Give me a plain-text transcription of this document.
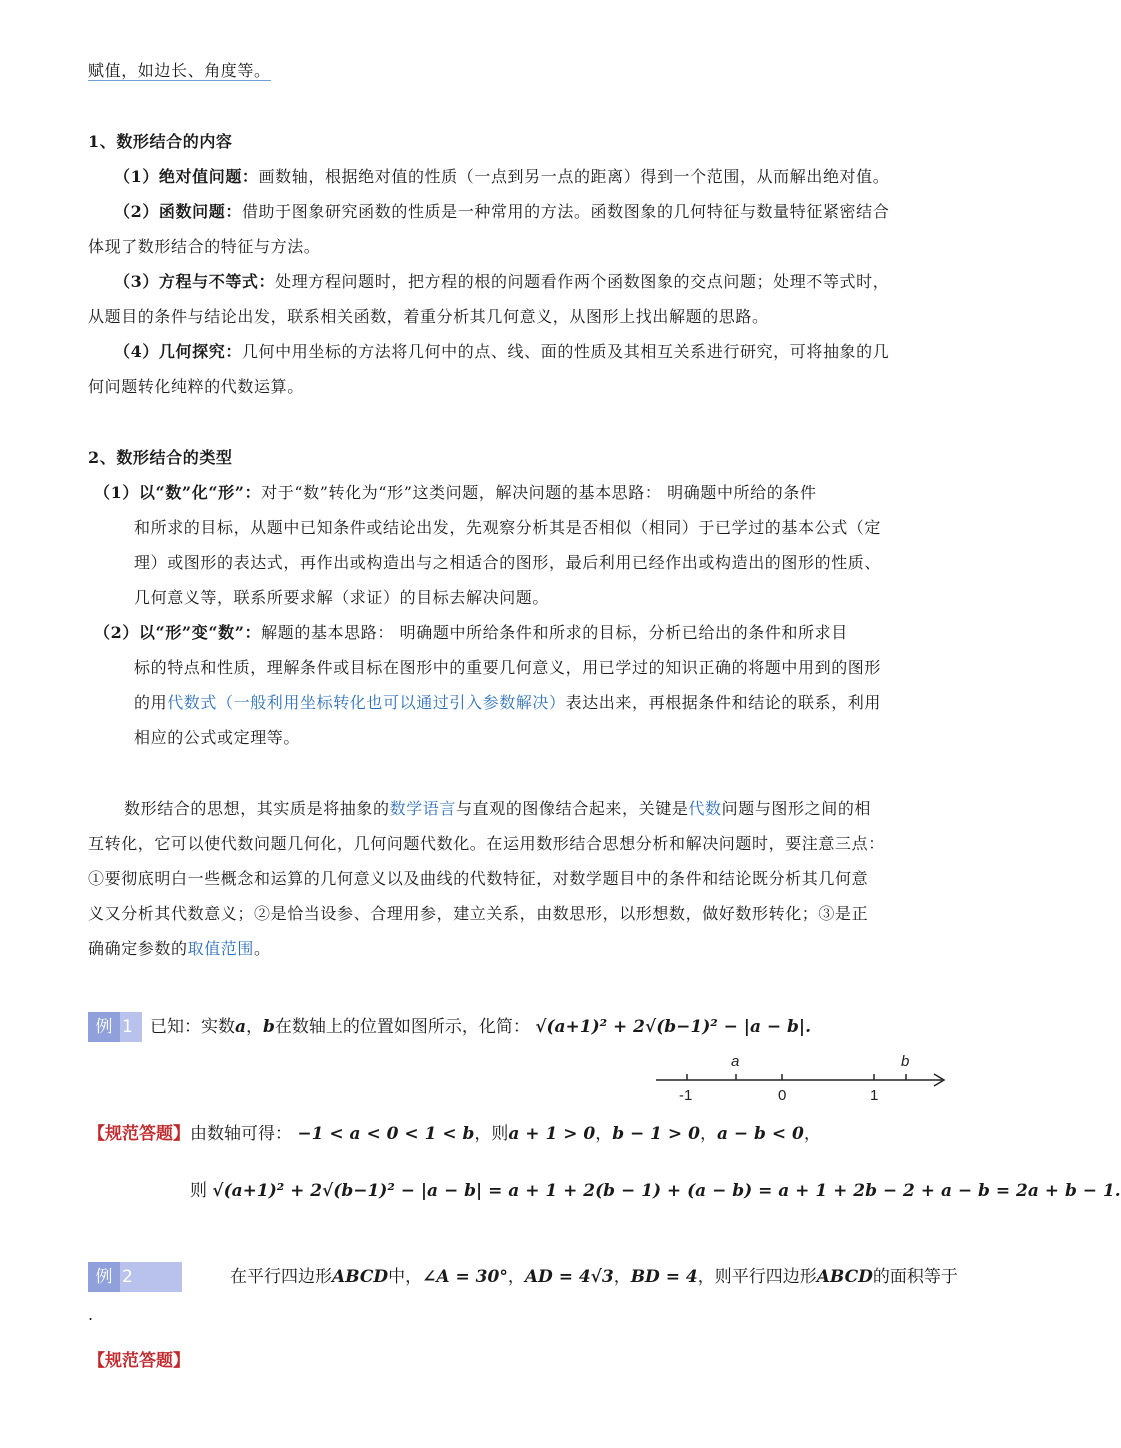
赋值，如边长、角度等。
1、数形结合的内容
（1）绝对值问题：画数轴，根据绝对值的性质（一点到另一点的距离）得到一个范围，从而解出绝对值。
（2）函数问题：借助于图象研究函数的性质是一种常用的方法。函数图象的几何特征与数量特征紧密结合
体现了数形结合的特征与方法。
（3）方程与不等式：处理方程问题时，把方程的根的问题看作两个函数图象的交点问题；处理不等式时，
从题目的条件与结论出发，联系相关函数，着重分析其几何意义，从图形上找出解题的思路。
（4）几何探究：几何中用坐标的方法将几何中的点、线、面的性质及其相互关系进行研究，可将抽象的几
何问题转化纯粹的代数运算。
2、数形结合的类型
（1）以“数”化“形”：对于“数”转化为“形”这类问题，解决问题的基本思路： 明确题中所给的条件
和所求的目标，从题中已知条件或结论出发，先观察分析其是否相似（相同）于已学过的基本公式（定
理）或图形的表达式，再作出或构造出与之相适合的图形，最后利用已经作出或构造出的图形的性质、
几何意义等，联系所要求解（求证）的目标去解决问题。
（2）以“形”变“数”：解题的基本思路： 明确题中所给条件和所求的目标，分析已给出的条件和所求目
标的特点和性质，理解条件或目标在图形中的重要几何意义，用已学过的知识正确的将题中用到的图形
的用代数式（一般利用坐标转化也可以通过引入参数解决）表达出来，再根据条件和结论的联系，利用
相应的公式或定理等。
数形结合的思想，其实质是将抽象的数学语言与直观的图像结合起来，关键是代数问题与图形之间的相
互转化，它可以使代数问题几何化，几何问题代数化。在运用数形结合思想分析和解决问题时，要注意三点：
①要彻底明白一些概念和运算的几何意义以及曲线的代数特征，对数学题目中的条件和结论既分析其几何意
义又分析其代数意义；②是恰当设参、合理用参，建立关系，由数思形，以形想数，做好数形转化；③是正
确确定参数的取值范围。
例 1	已知：实数a，b在数轴上的位置如图所示，化简： √(a+1)² + 2√(b−1)² − |a − b|.
a	b
-1	0	1
【规范答题】由数轴可得： −1 < a < 0 < 1 < b，则a + 1 > 0，b − 1 > 0，a − b < 0，
则 √(a+1)² + 2√(b−1)² − |a − b| = a + 1 + 2(b − 1) + (a − b) = a + 1 + 2b − 2 + a − b = 2a + b − 1.
例 2	在平行四边形ABCD中，∠A = 30°，AD = 4√3，BD = 4，则平行四边形ABCD的面积等于
.
【规范答题】
